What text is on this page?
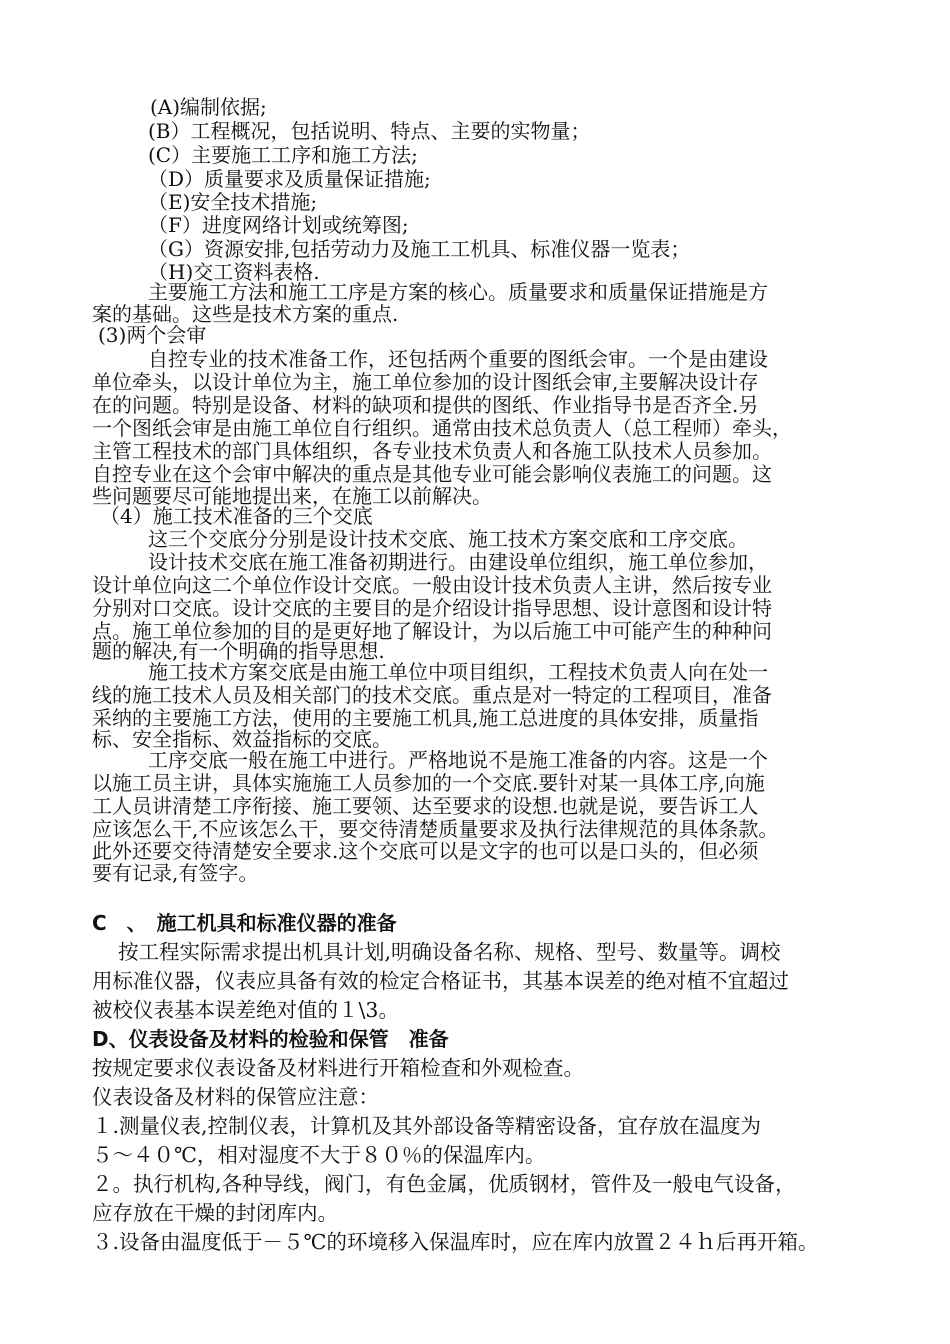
(A)编制依据;
(B）工程概况，包括说明、特点、主要的实物量；
(C）主要施工工序和施工方法;
（D）质量要求及质量保证措施;
（E)安全技术措施;
（F）进度网络计划或统筹图;
（G）资源安排,包括劳动力及施工工机具、标准仪器一览表；
（H)交工资料表格.
主要施工方法和施工工序是方案的核心。质量要求和质量保证措施是方
案的基础。这些是技术方案的重点.
(3)两个会审
自控专业的技术准备工作，还包括两个重要的图纸会审。一个是由建设
单位牵头，以设计单位为主，施工单位参加的设计图纸会审,主要解决设计存
在的问题。特别是设备、材料的缺项和提供的图纸、作业指导书是否齐全.另
一个图纸会审是由施工单位自行组织。通常由技术总负责人（总工程师）牵头，
主管工程技术的部门具体组织，各专业技术负责人和各施工队技术人员参加。
自控专业在这个会审中解决的重点是其他专业可能会影响仪表施工的问题。这
些问题要尽可能地提出来，在施工以前解决。
（4）施工技术准备的三个交底
这三个交底分分别是设计技术交底、施工技术方案交底和工序交底。
设计技术交底在施工准备初期进行。由建设单位组织，施工单位参加，
设计单位向这二个单位作设计交底。一般由设计技术负责人主讲，然后按专业
分别对口交底。设计交底的主要目的是介绍设计指导思想、设计意图和设计特
点。施工单位参加的目的是更好地了解设计，为以后施工中可能产生的种种问
题的解决,有一个明确的指导思想.
施工技术方案交底是由施工单位中项目组织，工程技术负责人向在处一
线的施工技术人员及相关部门的技术交底。重点是对一特定的工程项目，准备
采纳的主要施工方法，使用的主要施工机具,施工总进度的具体安排，质量指
标、安全指标、效益指标的交底。
工序交底一般在施工中进行。严格地说不是施工准备的内容。这是一个
以施工员主讲，具体实施施工人员参加的一个交底.要针对某一具体工序,向施
工人员讲清楚工序衔接、施工要领、达至要求的设想.也就是说，要告诉工人
应该怎么干,不应该怎么干，要交待清楚质量要求及执行法律规范的具体条款。
此外还要交待清楚安全要求.这个交底可以是文字的也可以是口头的，但必须
要有记录,有签字。
C　、　施工机具和标准仪器的准备
按工程实际需求提出机具计划,明确设备名称、规格、型号、数量等。调校
用标准仪器，仪表应具备有效的检定合格证书，其基本误差的绝对植不宜超过
被校仪表基本误差绝对值的１\3。
D、仪表设备及材料的检验和保管　准备
按规定要求仪表设备及材料进行开箱检查和外观检查。
仪表设备及材料的保管应注意：
１.测量仪表,控制仪表，计算机及其外部设备等精密设备，宜存放在温度为
５～４０℃，相对湿度不大于８０％的保温库内。
２。执行机构,各种导线，阀门，有色金属，优质钢材，管件及一般电气设备，
应存放在干燥的封闭库内。
３.设备由温度低于－５℃的环境移入保温库时，应在库内放置２４ｈ后再开箱。
